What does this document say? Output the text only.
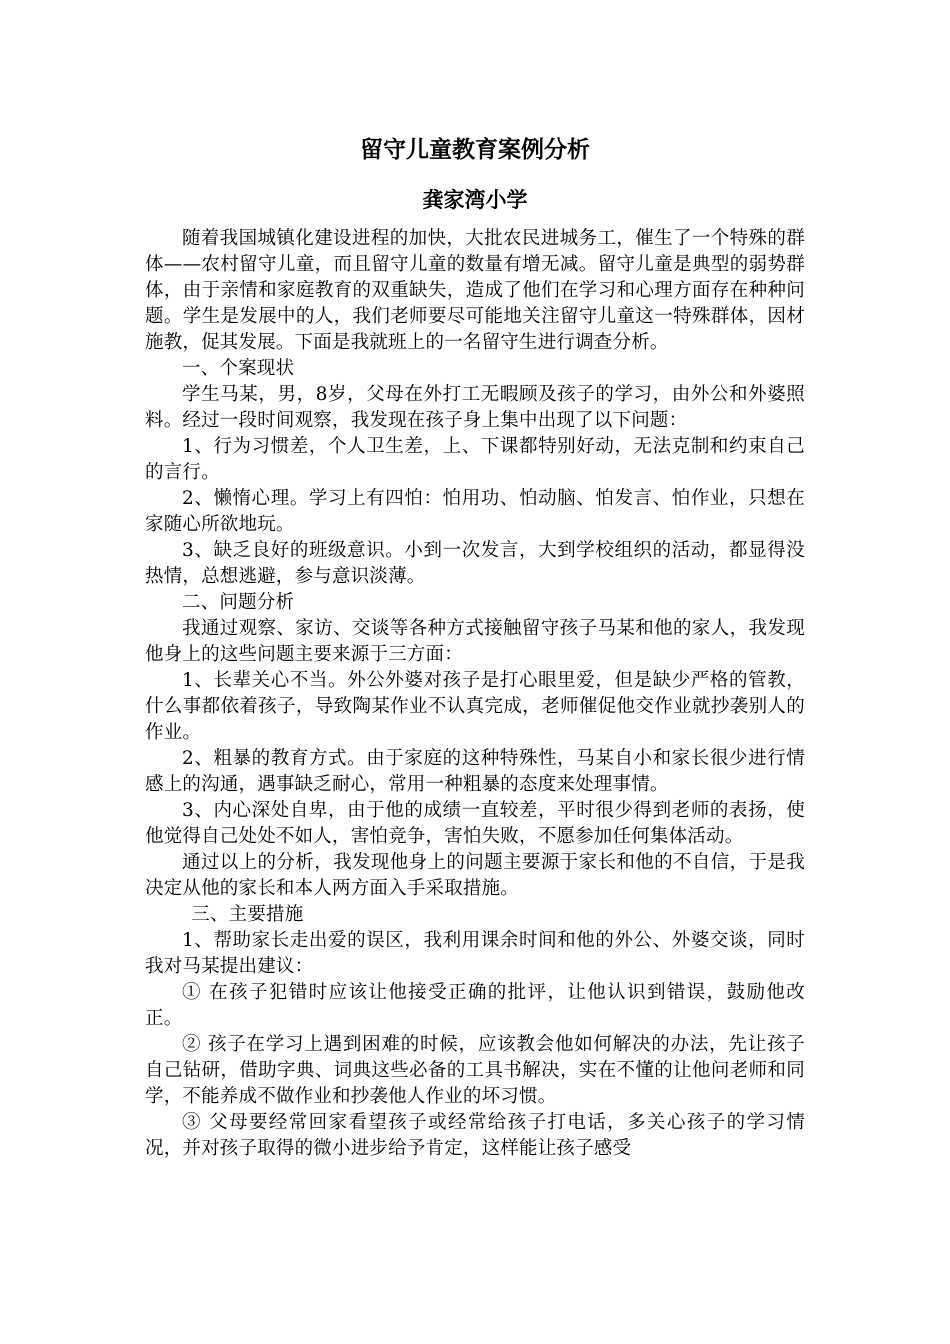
留守儿童教育案例分析
龚家湾小学

随着我国城镇化建设进程的加快，大批农民进城务工，催生了一个特殊的群体——农村留守儿童，而且留守儿童的数量有增无减。留守儿童是典型的弱势群体，由于亲情和家庭教育的双重缺失，造成了他们在学习和心理方面存在种种问题。学生是发展中的人，我们老师要尽可能地关注留守儿童这一特殊群体，因材施教，促其发展。下面是我就班上的一名留守生进行调查分析。

一、个案现状

学生马某，男，8岁，父母在外打工无暇顾及孩子的学习，由外公和外婆照料。经过一段时间观察，我发现在孩子身上集中出现了以下问题：

1、行为习惯差，个人卫生差，上、下课都特别好动，无法克制和约束自己的言行。

2、懒惰心理。学习上有四怕：怕用功、怕动脑、怕发言、怕作业，只想在家随心所欲地玩。

3、缺乏良好的班级意识。小到一次发言，大到学校组织的活动，都显得没热情，总想逃避，参与意识淡薄。

二、问题分析

我通过观察、家访、交谈等各种方式接触留守孩子马某和他的家人，我发现他身上的这些问题主要来源于三方面：

1、长辈关心不当。外公外婆对孩子是打心眼里爱，但是缺少严格的管教，什么事都依着孩子，导致陶某作业不认真完成，老师催促他交作业就抄袭别人的作业。

2、粗暴的教育方式。由于家庭的这种特殊性，马某自小和家长很少进行情感上的沟通，遇事缺乏耐心，常用一种粗暴的态度来处理事情。

3、内心深处自卑，由于他的成绩一直较差，平时很少得到老师的表扬，使他觉得自己处处不如人，害怕竞争，害怕失败，不愿参加任何集体活动。

通过以上的分析，我发现他身上的问题主要源于家长和他的不自信，于是我决定从他的家长和本人两方面入手采取措施。

三、主要措施

1、帮助家长走出爱的误区，我利用课余时间和他的外公、外婆交谈，同时我对马某提出建议：

① 在孩子犯错时应该让他接受正确的批评，让他认识到错误，鼓励他改正。

② 孩子在学习上遇到困难的时候，应该教会他如何解决的办法，先让孩子自己钻研，借助字典、词典这些必备的工具书解决，实在不懂的让他问老师和同学，不能养成不做作业和抄袭他人作业的坏习惯。

③ 父母要经常回家看望孩子或经常给孩子打电话，多关心孩子的学习情况，并对孩子取得的微小进步给予肯定，这样能让孩子感受
